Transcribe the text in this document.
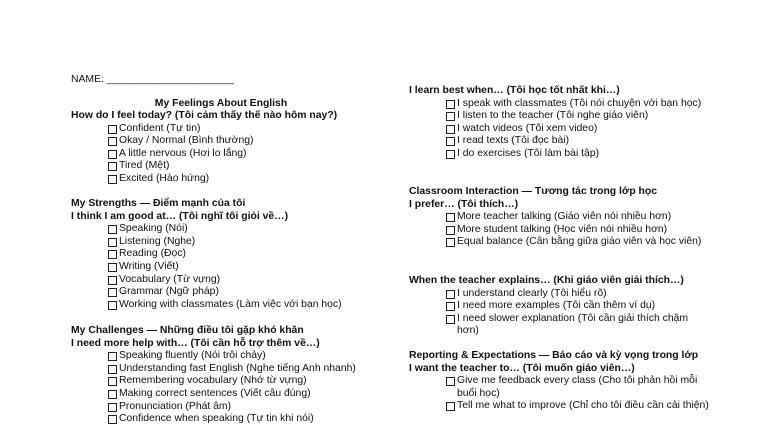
NAME: ______________________
My Feelings About English
How do I feel today? (Tôi cảm thấy thế nào hôm nay?)
Confident (Tự tin)
Okay / Normal (Bình thường)
A little nervous (Hơi lo lắng)
Tired (Mệt)
Excited (Hào hứng)
My Strengths — Điểm mạnh của tôi
I think I am good at… (Tôi nghĩ tôi giỏi về…)
Speaking (Nói)
Listening (Nghe)
Reading (Đọc)
Writing (Viết)
Vocabulary (Từ vựng)
Grammar (Ngữ pháp)
Working with classmates (Làm việc với bạn học)
My Challenges — Những điều tôi gặp khó khăn
I need more help with… (Tôi cần hỗ trợ thêm về…)
Speaking fluently (Nói trôi chảy)
Understanding fast English (Nghe tiếng Anh nhanh)
Remembering vocabulary (Nhớ từ vựng)
Making correct sentences (Viết câu đúng)
Pronunciation (Phát âm)
Confidence when speaking (Tự tin khi nói)
I learn best when… (Tôi học tốt nhất khi…)
I speak with classmates (Tôi nói chuyện với bạn học)
I listen to the teacher (Tôi nghe giáo viên)
I watch videos (Tôi xem video)
I read texts (Tôi đọc bài)
I do exercises (Tôi làm bài tập)
Classroom Interaction — Tương tác trong lớp học
I prefer… (Tôi thích…)
More teacher talking (Giáo viên nói nhiều hơn)
More student talking (Học viên nói nhiều hơn)
Equal balance (Cân bằng giữa giáo viên và học viên)
When the teacher explains… (Khi giáo viên giải thích…)
I understand clearly (Tôi hiểu rõ)
I need more examples (Tôi cần thêm ví dụ)
I need slower explanation (Tôi cần giải thích chậm hơn)
Reporting & Expectations — Báo cáo và kỳ vọng trong lớp
I want the teacher to… (Tôi muốn giáo viên…)
Give me feedback every class (Cho tôi phản hồi mỗi buổi học)
Tell me what to improve (Chỉ cho tôi điều cần cải thiện)
